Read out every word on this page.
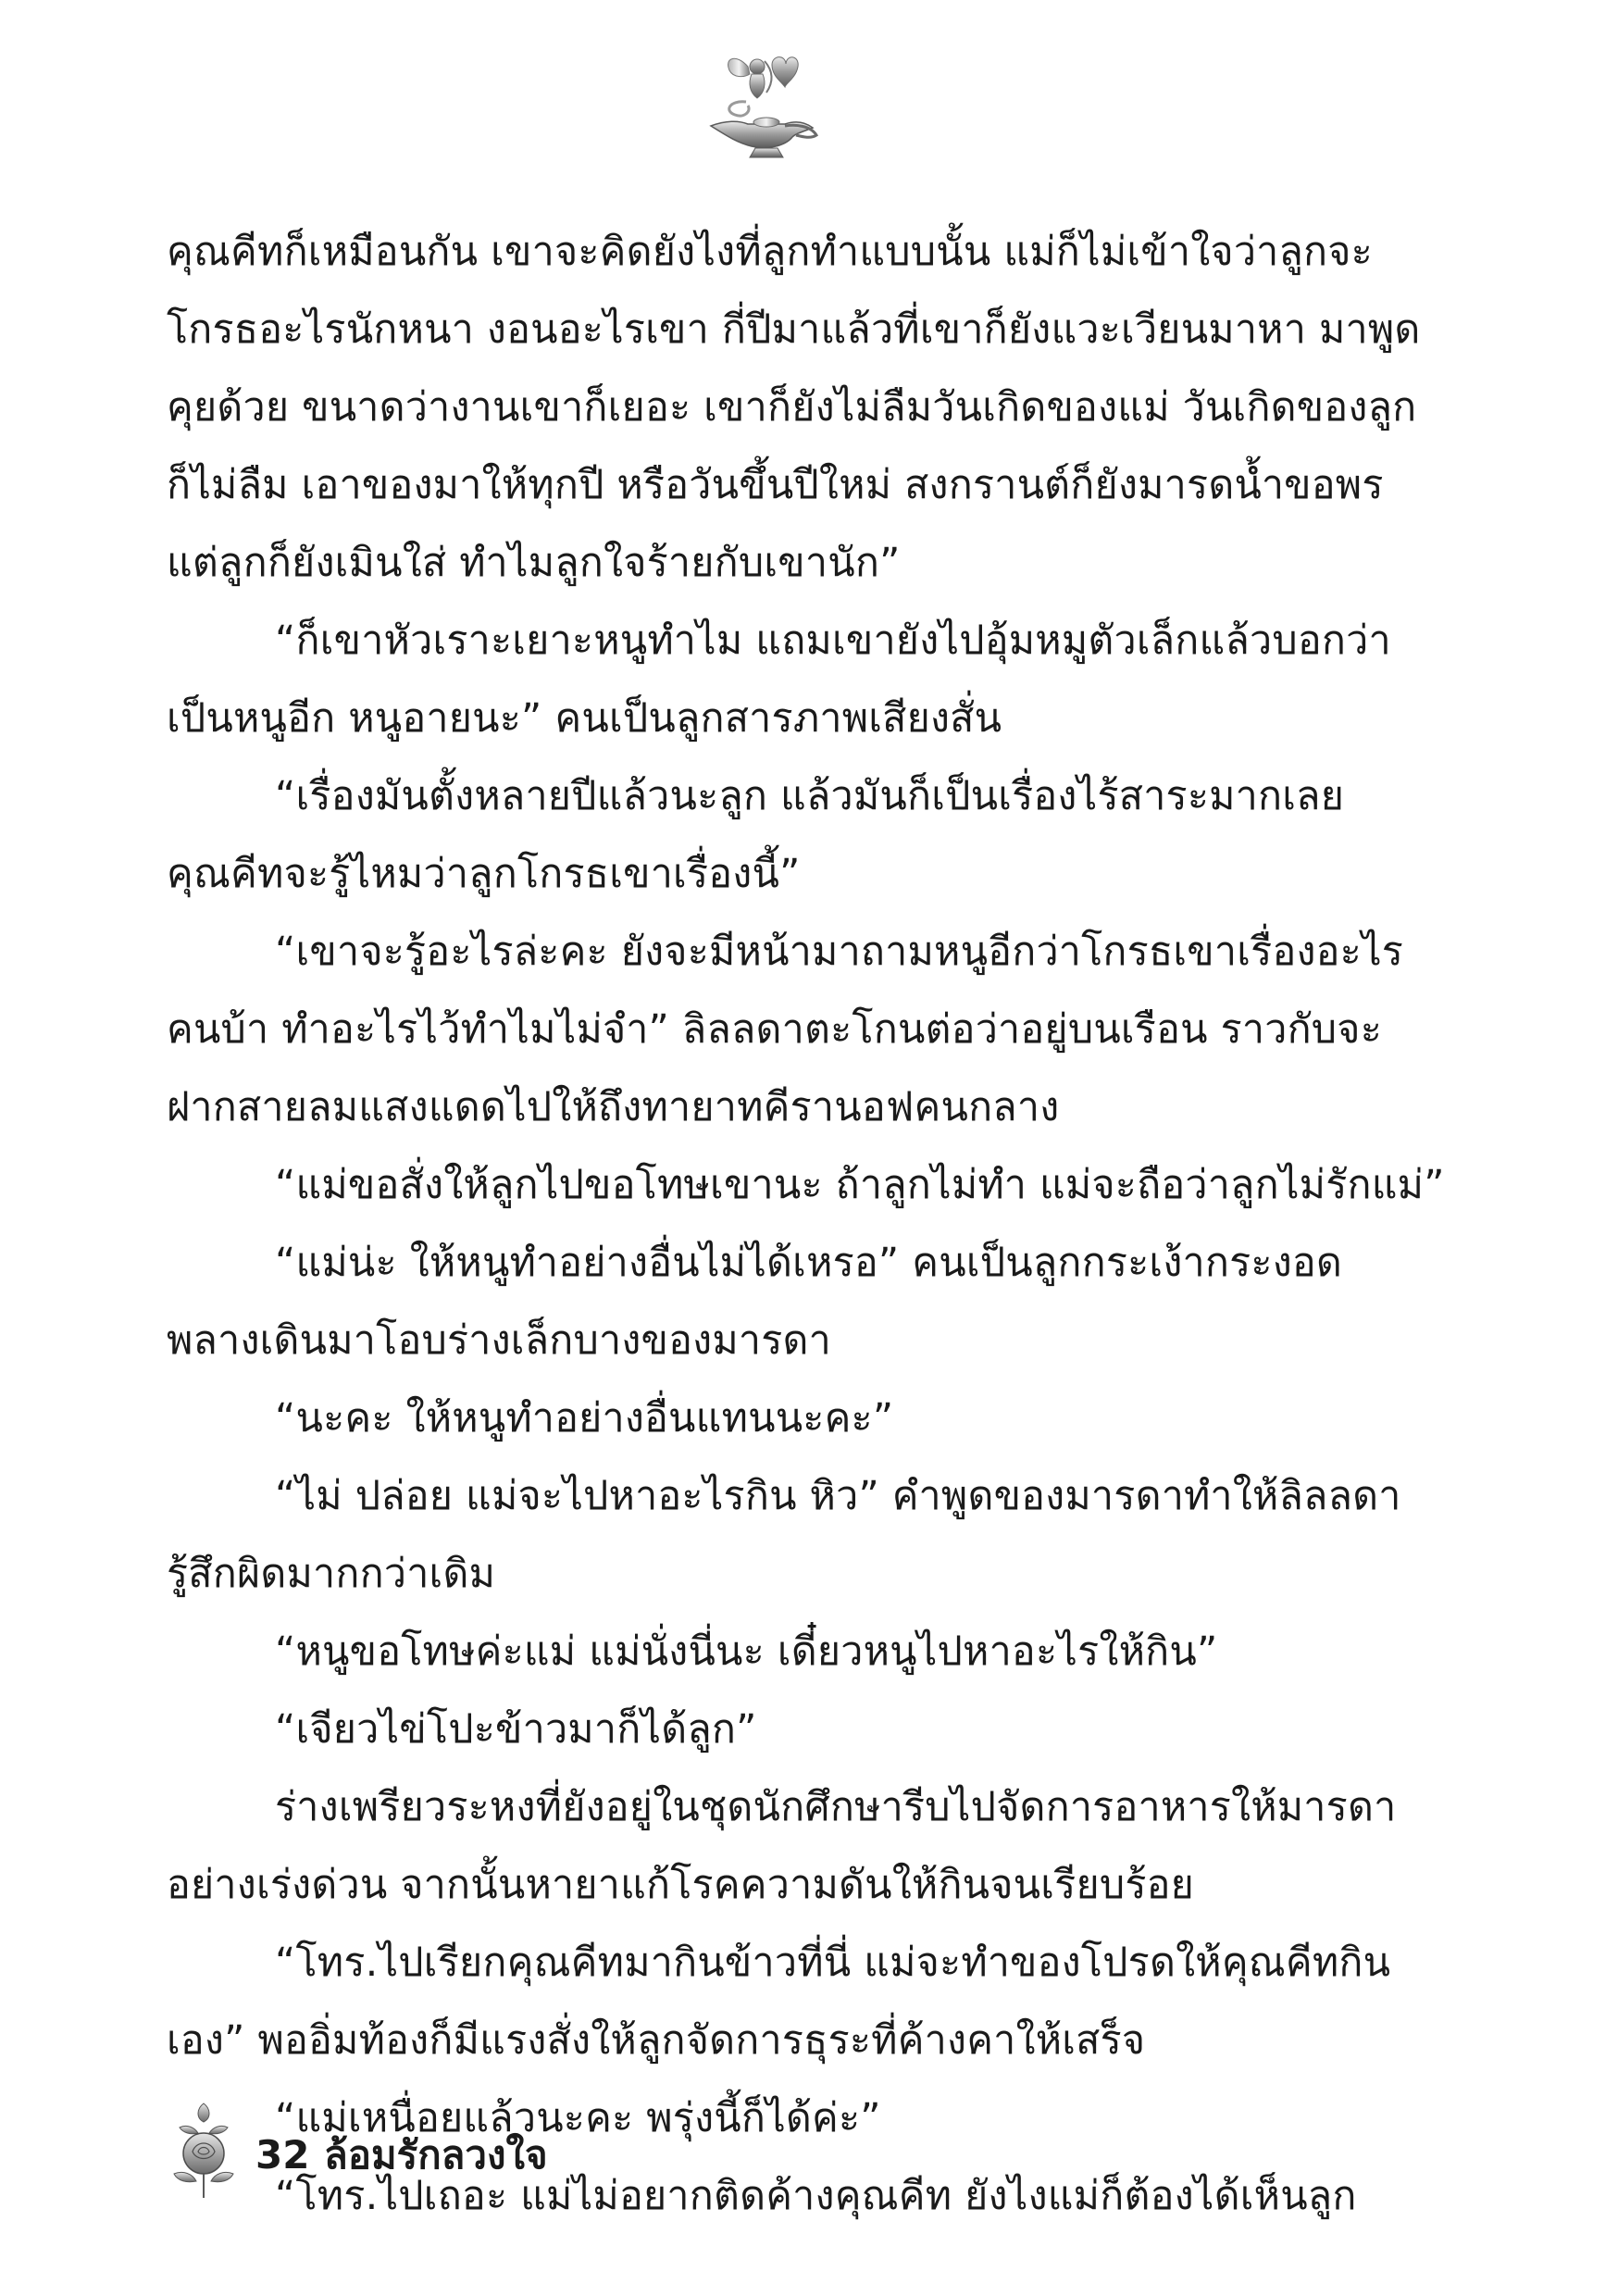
คุณคีทก็เหมือนกัน เขาจะคิดยังไงที่ลูกทำแบบนั้น แม่ก็ไม่เข้าใจว่าลูกจะ
โกรธอะไรนักหนา งอนอะไรเขา กี่ปีมาแล้วที่เขาก็ยังแวะเวียนมาหา มาพูด
คุยด้วย ขนาดว่างานเขาก็เยอะ เขาก็ยังไม่ลืมวันเกิดของแม่ วันเกิดของลูก
ก็ไม่ลืม เอาของมาให้ทุกปี หรือวันขึ้นปีใหม่ สงกรานต์ก็ยังมารดน้ำขอพร
แต่ลูกก็ยังเมินใส่ ทำไมลูกใจร้ายกับเขานัก”
“ก็เขาหัวเราะเยาะหนูทำไม แถมเขายังไปอุ้มหมูตัวเล็กแล้วบอกว่า
เป็นหนูอีก หนูอายนะ” คนเป็นลูกสารภาพเสียงสั่น
“เรื่องมันตั้งหลายปีแล้วนะลูก แล้วมันก็เป็นเรื่องไร้สาระมากเลย
คุณคีทจะรู้ไหมว่าลูกโกรธเขาเรื่องนี้”
“เขาจะรู้อะไรล่ะคะ ยังจะมีหน้ามาถามหนูอีกว่าโกรธเขาเรื่องอะไร
คนบ้า ทำอะไรไว้ทำไมไม่จำ” ลิลลดาตะโกนต่อว่าอยู่บนเรือน ราวกับจะ
ฝากสายลมแสงแดดไปให้ถึงทายาทคีรานอฟคนกลาง
“แม่ขอสั่งให้ลูกไปขอโทษเขานะ ถ้าลูกไม่ทำ แม่จะถือว่าลูกไม่รักแม่”
“แม่น่ะ ให้หนูทำอย่างอื่นไม่ได้เหรอ” คนเป็นลูกกระเง้ากระงอด
พลางเดินมาโอบร่างเล็กบางของมารดา
“นะคะ ให้หนูทำอย่างอื่นแทนนะคะ”
“ไม่ ปล่อย แม่จะไปหาอะไรกิน หิว” คำพูดของมารดาทำให้ลิลลดา
รู้สึกผิดมากกว่าเดิม
“หนูขอโทษค่ะแม่ แม่นั่งนี่นะ เดี๋ยวหนูไปหาอะไรให้กิน”
“เจียวไข่โปะข้าวมาก็ได้ลูก”
ร่างเพรียวระหงที่ยังอยู่ในชุดนักศึกษารีบไปจัดการอาหารให้มารดา
อย่างเร่งด่วน จากนั้นหายาแก้โรคความดันให้กินจนเรียบร้อย
“โทร.ไปเรียกคุณคีทมากินข้าวที่นี่ แม่จะทำของโปรดให้คุณคีทกิน
เอง” พออิ่มท้องก็มีแรงสั่งให้ลูกจัดการธุระที่ค้างคาให้เสร็จ
“แม่เหนื่อยแล้วนะคะ พรุ่งนี้ก็ได้ค่ะ”
“โทร.ไปเถอะ แม่ไม่อยากติดค้างคุณคีท ยังไงแม่ก็ต้องได้เห็นลูก
32 ล้อมรักลวงใจ
